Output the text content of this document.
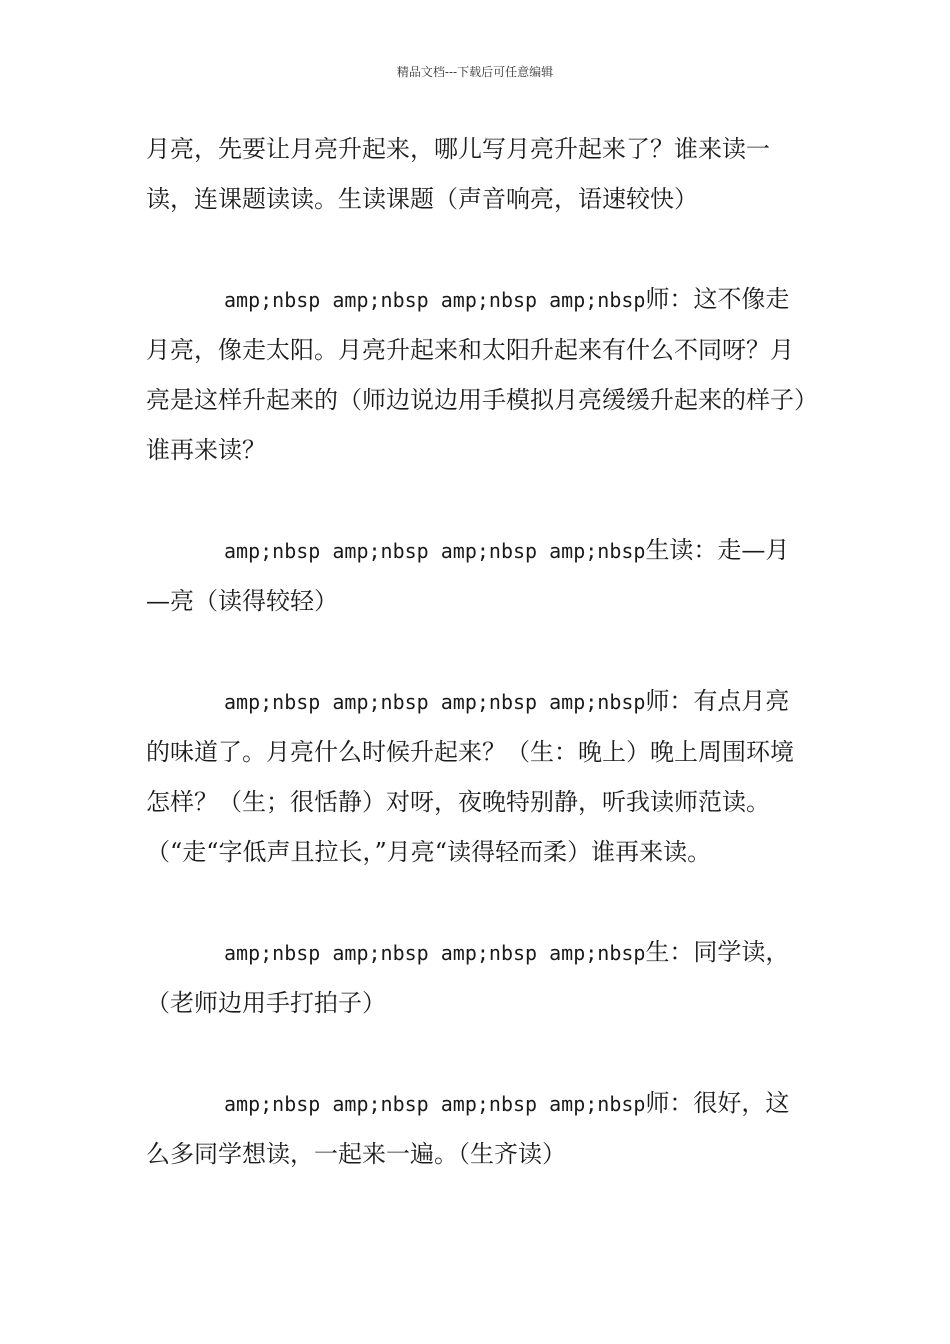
精品文档---下载后可任意编辑

月亮，先要让月亮升起来，哪儿写月亮升起来了？谁来读一读，连课题读读。生读课题（声音响亮，语速较快）

amp;nbsp amp;nbsp amp;nbsp amp;nbsp师：这不像走月亮，像走太阳。月亮升起来和太阳升起来有什么不同呀？月亮是这样升起来的（师边说边用手模拟月亮缓缓升起来的样子）谁再来读？

amp;nbsp amp;nbsp amp;nbsp amp;nbsp生读：走—月—亮（读得较轻）

amp;nbsp amp;nbsp amp;nbsp amp;nbsp师：有点月亮的味道了。月亮什么时候升起来？（生：晚上）晚上周围环境怎样？（生；很恬静）对呀，夜晚特别静，听我读师范读。（“走“字低声且拉长，”月亮“读得轻而柔）谁再来读。

amp;nbsp amp;nbsp amp;nbsp amp;nbsp生：同学读，（老师边用手打拍子）

amp;nbsp amp;nbsp amp;nbsp amp;nbsp师：很好，这么多同学想读，一起来一遍。（生齐读）
